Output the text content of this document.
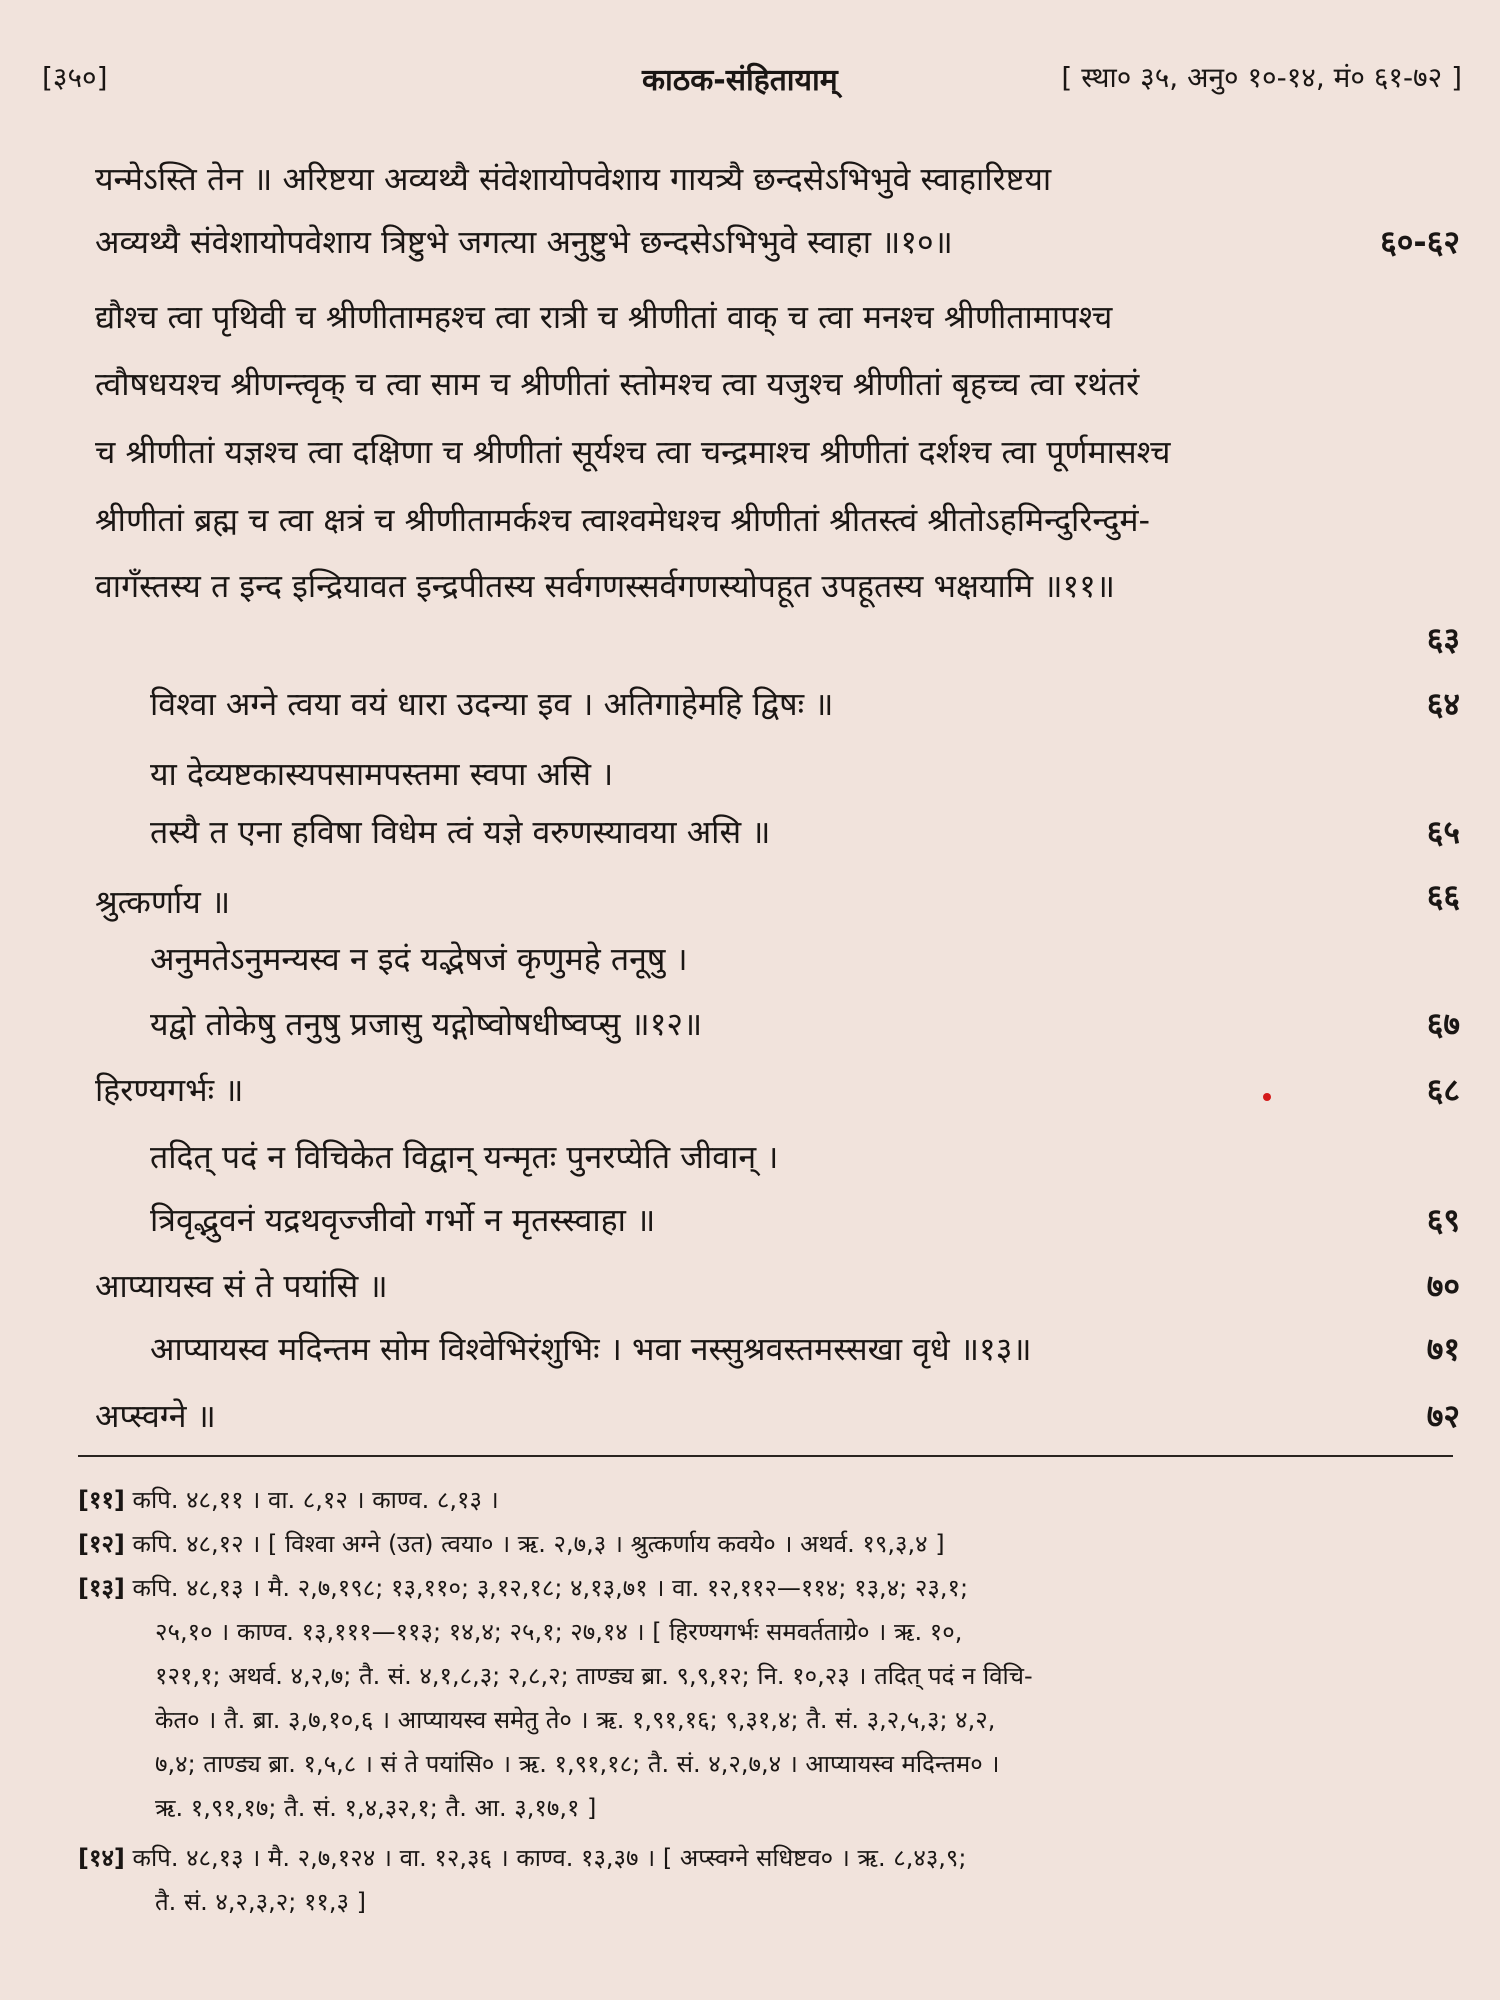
[३५०]	काठक-संहितायाम्	[ स्था० ३५, अनु० १०-१४, मं० ६१-७२ ]
यन्मेऽस्ति तेन ॥ अरिष्टया अव्यथ्यै संवेशायोपवेशाय गायत्र्यै छन्दसेऽभिभुवे स्वाहारिष्टया
अव्यथ्यै संवेशायोपवेशाय त्रिष्टुभे जगत्या अनुष्टुभे छन्दसेऽभिभुवे स्वाहा ॥१०॥	६०-६२
द्यौश्च त्वा पृथिवी च श्रीणीतामहश्च त्वा रात्री च श्रीणीतां वाक् च त्वा मनश्च श्रीणीतामापश्च
त्वौषधयश्च श्रीणन्त्वृक् च त्वा साम च श्रीणीतां स्तोमश्च त्वा यजुश्च श्रीणीतां बृहच्च त्वा रथंतरं
च श्रीणीतां यज्ञश्च त्वा दक्षिणा च श्रीणीतां सूर्यश्च त्वा चन्द्रमाश्च श्रीणीतां दर्शश्च त्वा पूर्णमासश्च
श्रीणीतां ब्रह्म च त्वा क्षत्रं च श्रीणीतामर्कश्च त्वाश्वमेधश्च श्रीणीतां श्रीतस्त्वं श्रीतोऽहमिन्दुरिन्दुमं-
वागँस्तस्य त इन्द इन्द्रियावत इन्द्रपीतस्य सर्वगणस्सर्वगणस्योपहूत उपहूतस्य भक्षयामि ॥११॥
६३
विश्वा अग्ने त्वया वयं धारा उदन्या इव । अतिगाहेमहि द्विषः ॥	६४
या देव्यष्टकास्यपसामपस्तमा स्वपा असि ।
तस्यै त एना हविषा विधेम त्वं यज्ञे वरुणस्यावया असि ॥	६५
श्रुत्कर्णाय ॥	६६
अनुमतेऽनुमन्यस्व न इदं यद्भेषजं कृणुमहे तनूषु ।
यद्वो तोकेषु तनुषु प्रजासु यद्गोष्वोषधीष्वप्सु ॥१२॥	६७
हिरण्यगर्भः ॥	६८
तदित् पदं न विचिकेत विद्वान् यन्मृतः पुनरप्येति जीवान् ।
त्रिवृद्भुवनं यद्रथवृज्जीवो गर्भो न मृतस्स्वाहा ॥	६९
आप्यायस्व सं ते पयांसि ॥	७०
आप्यायस्व मदिन्तम सोम विश्वेभिरंशुभिः । भवा नस्सुश्रवस्तमस्सखा वृधे ॥१३॥	७१
अप्स्वग्ने ॥	७२
[११] कपि. ४८,११ । वा. ८,१२ । काण्व. ८,१३ ।
[१२] कपि. ४८,१२ । [ विश्वा अग्ने (उत) त्वया० । ऋ. २,७,३ । श्रुत्कर्णाय कवये० । अथर्व. १९,३,४ ]
[१३] कपि. ४८,१३ । मै. २,७,१९८; १३,११०; ३,१२,१८; ४,१३,७१ । वा. १२,११२—११४; १३,४; २३,१;
२५,१० । काण्व. १३,१११—११३; १४,४; २५,१; २७,१४ । [ हिरण्यगर्भः समवर्तताग्रे० । ऋ. १०,
१२१,१; अथर्व. ४,२,७; तै. सं. ४,१,८,३; २,८,२; ताण्ड्य ब्रा. ९,९,१२; नि. १०,२३ । तदित् पदं न विचि-
केत० । तै. ब्रा. ३,७,१०,६ । आप्यायस्व समेतु ते० । ऋ. १,९१,१६; ९,३१,४; तै. सं. ३,२,५,३; ४,२,
७,४; ताण्ड्य ब्रा. १,५,८ । सं ते पयांसि० । ऋ. १,९१,१८; तै. सं. ४,२,७,४ । आप्यायस्व मदिन्तम० ।
ऋ. १,९१,१७; तै. सं. १,४,३२,१; तै. आ. ३,१७,१ ]
[१४] कपि. ४८,१३ । मै. २,७,१२४ । वा. १२,३६ । काण्व. १३,३७ । [ अप्स्वग्ने सधिष्टव० । ऋ. ८,४३,९;
तै. सं. ४,२,३,२; ११,३ ]
